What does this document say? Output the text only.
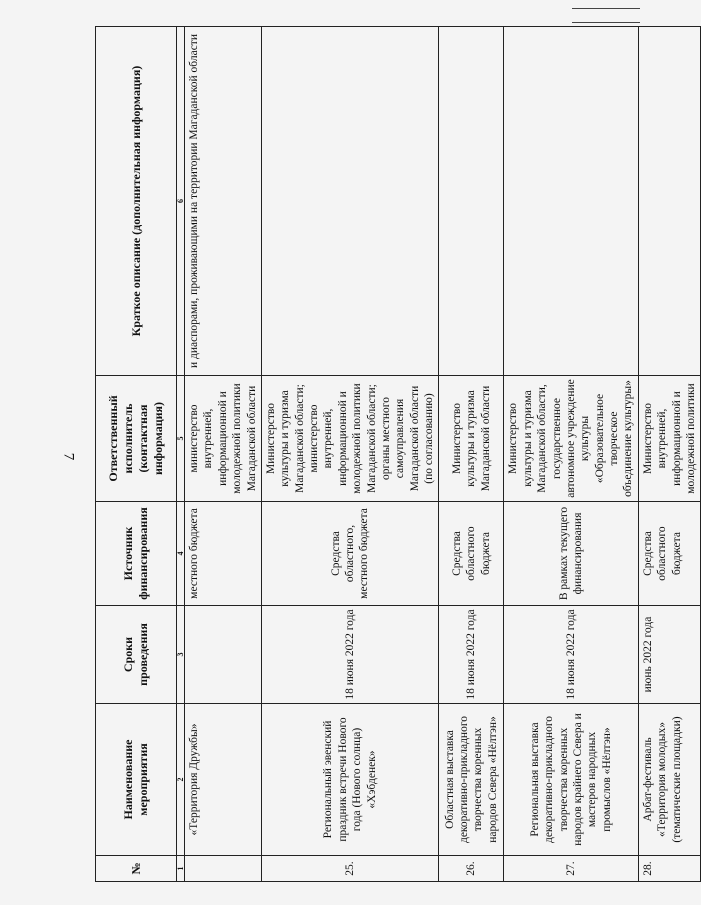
7
№	Наименование мероприятия	Сроки проведения	Источник финансирования	Ответственный исполнитель (контактная информация)	Краткое описание (дополнительная информация)
1	2	3	4	5	6
	«Территория Дружбы»		местного бюджета	министерство внутренней, информационной и молодежной политики Магаданской области	и диаспорами, проживающими на территории Магаданской области
25.	Региональный эвенский праздник встречи Нового года (Нового солнца) «Хэбденек»	18 июня 2022 года	Средства областного, местного бюджета	Министерство культуры и туризма Магаданской области; министерство внутренней, информационной и молодежной политики Магаданской области; органы местного самоуправления Магаданской области (по согласованию)	
26.	Областная выставка декоративно-прикладного творчества коренных народов Севера «Нёлтэн»	18 июня 2022 года	Средства областного бюджета	Министерство культуры и туризма Магаданской области	
27.	Региональная выставка декоративно-прикладного творчества коренных народов крайнего Севера и мастеров народных промыслов «Нёлтэн»	18 июня 2022 года	В рамках текущего финансирования	Министерство культуры и туризма Магаданской области, государственное автономное учреждение культуры «Образовательное творческое объединение культуры»	
28.	Арбат-фестиваль «Территория молодых» (тематические площадки)	июнь 2022 года	Средства областного бюджета	Министерство внутренней, информационной и молодежной политики	
